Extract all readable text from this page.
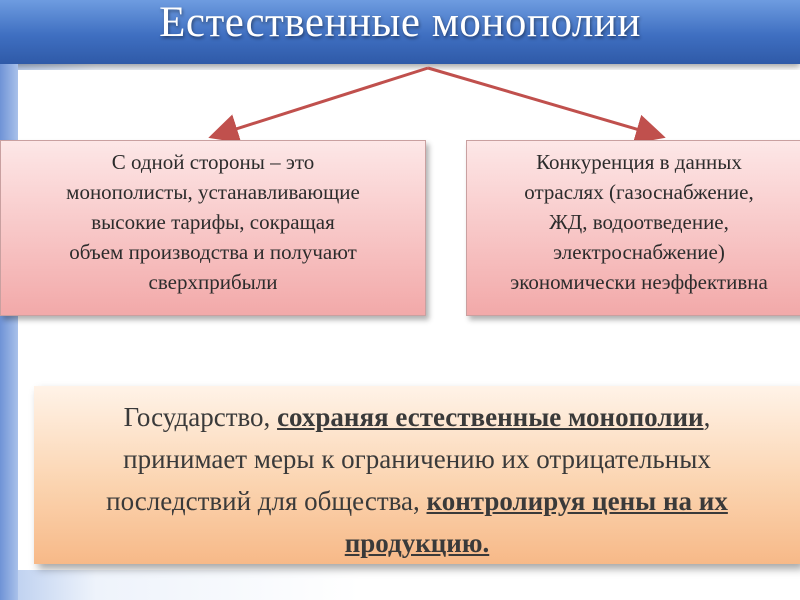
Естественные монополии
С одной стороны – это
монополисты, устанавливающие
высокие тарифы, сокращая
объем производства и получают
сверхприбыли
Конкуренция в данных
отраслях (газоснабжение,
ЖД, водоотведение,
электроснабжение)
экономически неэффективна
Государство, сохраняя естественные монополии,
принимает меры к ограничению их отрицательных
последствий для общества, контролируя цены на их
продукцию.
